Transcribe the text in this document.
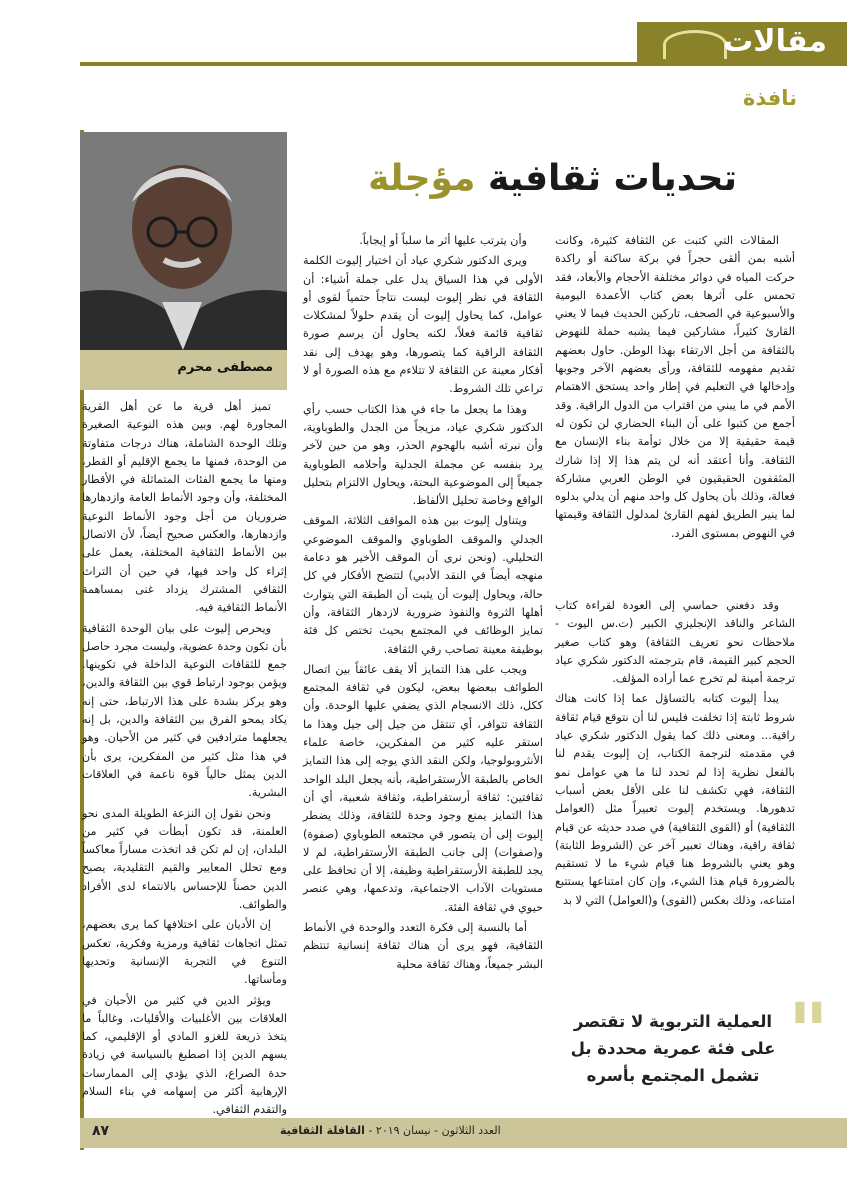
مقالات
نافذة
مصطفى محرم
تحديات ثقافية مؤجلة

المقالات التي كتبت عن الثقافة كثيرة، وكانت أشبه بمن ألقى حجراً في بركة ساكنة أو راكدة حركت المياه في دوائر مختلفة الأحجام والأبعاد، فقد تحمس على أثرها بعض كتاب الأعمدة اليومية والأسبوعية في الصحف، تاركين الحديث فيما لا يعني القارئ كثيراً، مشاركين فيما يشبه حملة للنهوض بالثقافة من أجل الارتقاء بهذا الوطن. حاول بعضهم تقديم مفهومه للثقافة، ورأى بعضهم الآخر وجوبها وإدخالها في التعليم في إطار واحد يستحق الاهتمام الأمم في ما يبني من اقتراب من الدول الراقية. وقد أجمع من كتبوا على أن البناء الحضاري لن تكون له قيمة حقيقية إلا من خلال توأمة بناء الإنسان مع الثقافة. وأنا أعتقد أنه لن يتم هذا إلا إذا شارك المثقفون الحقيقيون في الوطن العربي مشاركة فعالة، وذلك بأن يحاول كل واحد منهم أن يدلي بدلوه لما ينير الطريق لفهم القارئ لمدلول الثقافة وقيمتها في النهوض بمستوى الفرد.

وقد دفعني حماسي إلى العودة لقراءة كتاب الشاعر والناقد الإنجليزي الكبير (ت.س اليوت - ملاحظات نحو تعريف الثقافة) وهو كتاب صغير الحجم كبير القيمة، قام بترجمته الدكتور شكري عياد ترجمة أمينة لم تخرج عما أراده المؤلف.

يبدأ إليوت كتابه بالتساؤل عما إذا كانت هناك شروط ثابتة إذا تخلفت فليس لنا أن نتوقع قيام ثقافة راقية... ومعنى ذلك كما يقول الدكتور شكري عياد في مقدمته لترجمة الكتاب، إن إليوت يقدم لنا بالفعل نظرية إذا لم تحدد لنا ما هي عوامل نمو الثقافة، فهي تكشف لنا على الأقل بعض أسباب تدهورها. ويستخدم إليوت تعبيراً مثل (العوامل الثقافية) أو (القوى الثقافية) في صدد حديثه عن قيام ثقافة راقية، وهناك تعبير آخر عن (الشروط الثابتة) وهو يعني بالشروط هنا قيام شيء ما لا تستقيم بالضرورة قيام هذا الشيء، وإن كان امتناعها يستتبع امتناعه، وذلك بعكس (القوى) و(العوامل) التي لا بد

وأن يترتب عليها أثر ما سلباً أو إيجاباً.

ويرى الدكتور شكري عياد أن اختيار إليوت الكلمة الأولى في هذا السياق يدل على جملة أشياء: أن الثقافة في نظر إليوت ليست نتاجاً حتمياً لقوى أو عوامل، كما يحاول إليوت أن يقدم حلولاً لمشكلات ثقافية قائمة فعلاً، لكنه يحاول أن يرسم صورة الثقافة الراقية كما يتصورها، وهو يهدف إلى نقد أفكار معينة عن الثقافة لا تتلاءم مع هذه الصورة أو لا تراعي تلك الشروط.

وهذا ما يجعل ما جاء في هذا الكتاب حسب رأي الدكتور شكري عياد، مزيجاً من الجدل والطوباوية، وأن نبرته أشبه بالهجوم الحذر، وهو من حين لآخر يرد بنفسه عن مجملة الجدلية وأحلامه الطوباوية جميعاً إلى الموضوعية البحتة، ويحاول الالتزام بتحليل الواقع وخاصة تحليل الألفاظ.

ويتناول إليوت بين هذه المواقف الثلاثة، الموقف الجدلي والموقف الطوباوي والموقف الموضوعي التحليلي. (ونحن نرى أن الموقف الأخير هو دعامة منهجه أيضاً في النقد الأدبي) لتتضح الأفكار في كل حالة، ويحاول إليوت أن يثبت أن الطبقة التي يتوارث أهلها الثروة والنفوذ ضرورية لازدهار الثقافة، وأن تمايز الوظائف في المجتمع بحيث تختص كل فئة بوظيفة معينة تصاحب رقي الثقافة.

ويجب على هذا التمايز ألا يقف عائقاً بين اتصال الطوائف ببعضها ببعض، ليكون في ثقافة المجتمع ككل، ذلك الانسجام الذي يضفي عليها الوحدة. وأن الثقافة تتوافر، أي تنتقل من جيل إلى جيل وهذا ما استقر عليه كثير من المفكرين، خاصة علماء الأنثروبولوجيا، ولكن النقد الذي يوجه إلى هذا التمايز الخاص بالطبقة الأرستقراطية، بأنه يجعل البلد الواحد ثقافتين: ثقافة أرستقراطية، وثقافة شعبية، أي أن هذا التمايز يمنع وجود وحدة للثقافة، وذلك يضطر إليوت إلى أن يتصور في مجتمعه الطوباوي (صفوة) و(صفوات) إلى جانب الطبقة الأرستقراطية، لم لا يجد للطبقة الأرستقراطية وظيفة، إلا أن تحافظ على مستويات الآداب الاجتماعية، وتدعمها، وهي عنصر حيوي في ثقافة الفئة.

أما بالنسبة إلى فكرة التعدد والوحدة في الأنماط الثقافية، فهو يرى أن هناك ثقافة إنسانية تنتظم البشر جميعاً، وهناك ثقافة محلية

تميز أهل قرية ما عن أهل القرية المجاورة لهم. وبين هذه النوعية الصغيرة وتلك الوحدة الشاملة، هناك درجات متفاوتة من الوحدة، فمنها ما يجمع الإقليم أو القطر، ومنها ما يجمع الفئات المتماثلة في الأقطار المختلفة، وأن وجود الأنماط العامة وازدهارها ضروريان من أجل وجود الأنماط النوعية وازدهارها، والعكس صحيح أيضاً، لأن الاتصال بين الأنماط الثقافية المختلفة، يعمل على إثراء كل واحد فيها، في حين أن التراث الثقافي المشترك يزداد غنى بمساهمة الأنماط الثقافية فيه.

ويحرص إليوت على بيان الوحدة الثقافية بأن تكون وحدة عضوية، وليست مجرد حاصل جمع للثقافات النوعية الداخلة في تكوينها. ويؤمن بوجود ارتباط قوي بين الثقافة والدين، وهو يركز بشدة على هذا الارتباط، حتى إنه يكاد يمحو الفرق بين الثقافة والدين، بل إنه يجعلهما مترادفين في كثير من الأحيان. وهو في هذا مثل كثير من المفكرين، يرى بأن الدين يمثل حالياً قوة ناعمة في العلاقات البشرية.

ونحن نقول إن النزعة الطويلة المدى نحو العلمنة، قد تكون أبطأت في كثير من البلدان، إن لم تكن قد اتخذت مساراً معاكساً ومع تحلل المعايير والقيم التقليدية، يصبح الدين حصناً للإحساس بالانتماء لدى الأفراد والطوائف.

إن الأديان على اختلافها كما يرى بعضهم، تمثل اتجاهات ثقافية ورمزية وفكرية، تعكس التنوع في التجربة الإنسانية وتحديها ومأساتها.

ويؤثر الدين في كثير من الأحيان في العلاقات بين الأغلبيات والأقليات، وغالباً ما يتخذ ذريعة للغزو المادي أو الإقليمي، كما يسهم الدين إذا اصطبغ بالسياسة في زيادة حدة الصراع، الذي يؤدي إلى الممارسات الإرهابية أكثر من إسهامه في بناء السلام والتقدم الثقافي.

"
العملية التربوية لا تقتصر
على فئة عمرية محددة بل
تشمل المجتمع بأسره
العدد الثلاثون - نيسان ٢٠١٩ - القافلة الثقافية
٨٧
